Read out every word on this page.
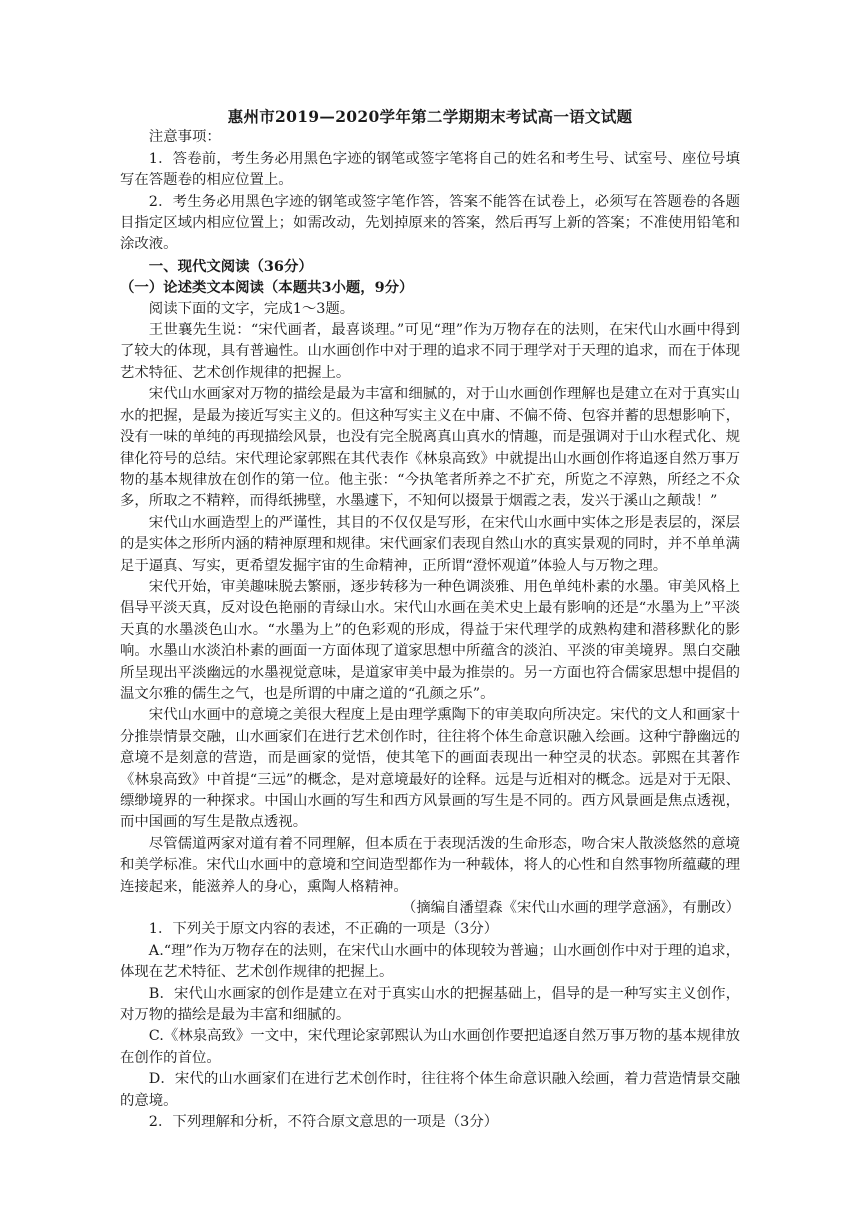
惠州市2019—2020学年第二学期期末考试高一语文试题

注意事项：

1．答卷前，考生务必用黑色字迹的钢笔或签字笔将自己的姓名和考生号、试室号、座位号填写在答题卷的相应位置上。

2．考生务必用黑色字迹的钢笔或签字笔作答，答案不能答在试卷上，必须写在答题卷的各题目指定区域内相应位置上；如需改动，先划掉原来的答案，然后再写上新的答案；不准使用铅笔和涂改液。

一、现代文阅读（36分）

（一）论述类文本阅读（本题共3小题，9分）

阅读下面的文字，完成1～3题。

王世襄先生说：“宋代画者，最喜谈理。”可见“理”作为万物存在的法则，在宋代山水画中得到了较大的体现，具有普遍性。山水画创作中对于理的追求不同于理学对于天理的追求，而在于体现艺术特征、艺术创作规律的把握上。

宋代山水画家对万物的描绘是最为丰富和细腻的，对于山水画创作理解也是建立在对于真实山水的把握，是最为接近写实主义的。但这种写实主义在中庸、不偏不倚、包容并蓄的思想影响下，没有一味的单纯的再现描绘风景，也没有完全脱离真山真水的情趣，而是强调对于山水程式化、规律化符号的总结。宋代理论家郭熙在其代表作《林泉高致》中就提出山水画创作将追逐自然万事万物的基本规律放在创作的第一位。他主张：“今执笔者所养之不扩充，所览之不淳熟，所经之不众多，所取之不精粹，而得纸拂壁，水墨遽下，不知何以掇景于烟霞之表，发兴于溪山之颠哉！”

宋代山水画造型上的严谨性，其目的不仅仅是写形，在宋代山水画中实体之形是表层的，深层的是实体之形所内涵的精神原理和规律。宋代画家们表现自然山水的真实景观的同时，并不单单满足于逼真、写实，更希望发掘宇宙的生命精神，正所谓“澄怀观道”体验人与万物之理。

宋代开始，审美趣味脱去繁丽，逐步转移为一种色调淡雅、用色单纯朴素的水墨。审美风格上倡导平淡天真，反对设色艳丽的青绿山水。宋代山水画在美术史上最有影响的还是“水墨为上”平淡天真的水墨淡色山水。“水墨为上”的色彩观的形成，得益于宋代理学的成熟构建和潜移默化的影响。水墨山水淡泊朴素的画面一方面体现了道家思想中所蕴含的淡泊、平淡的审美境界。黑白交融所呈现出平淡幽远的水墨视觉意味，是道家审美中最为推崇的。另一方面也符合儒家思想中提倡的温文尔雅的儒生之气，也是所谓的中庸之道的“孔颜之乐”。

宋代山水画中的意境之美很大程度上是由理学熏陶下的审美取向所决定。宋代的文人和画家十分推崇情景交融，山水画家们在进行艺术创作时，往往将个体生命意识融入绘画。这种宁静幽远的意境不是刻意的营造，而是画家的觉悟，使其笔下的画面表现出一种空灵的状态。郭熙在其著作《林泉高致》中首提“三远”的概念，是对意境最好的诠释。远是与近相对的概念。远是对于无限、缥缈境界的一种探求。中国山水画的写生和西方风景画的写生是不同的。西方风景画是焦点透视，而中国画的写生是散点透视。

尽管儒道两家对道有着不同理解，但本质在于表现活泼的生命形态，吻合宋人散淡悠然的意境和美学标准。宋代山水画中的意境和空间造型都作为一种载体，将人的心性和自然事物所蕴藏的理连接起来，能滋养人的身心，熏陶人格精神。

（摘编自潘望森《宋代山水画的理学意涵》，有删改）

1．下列关于原文内容的表述，不正确的一项是（3分）

A.“理”作为万物存在的法则，在宋代山水画中的体现较为普遍；山水画创作中对于理的追求，体现在艺术特征、艺术创作规律的把握上。

B．宋代山水画家的创作是建立在对于真实山水的把握基础上，倡导的是一种写实主义创作，对万物的描绘是最为丰富和细腻的。

C.《林泉高致》一文中，宋代理论家郭熙认为山水画创作要把追逐自然万事万物的基本规律放在创作的首位。

D．宋代的山水画家们在进行艺术创作时，往往将个体生命意识融入绘画，着力营造情景交融的意境。

2．下列理解和分析，不符合原文意思的一项是（3分）
